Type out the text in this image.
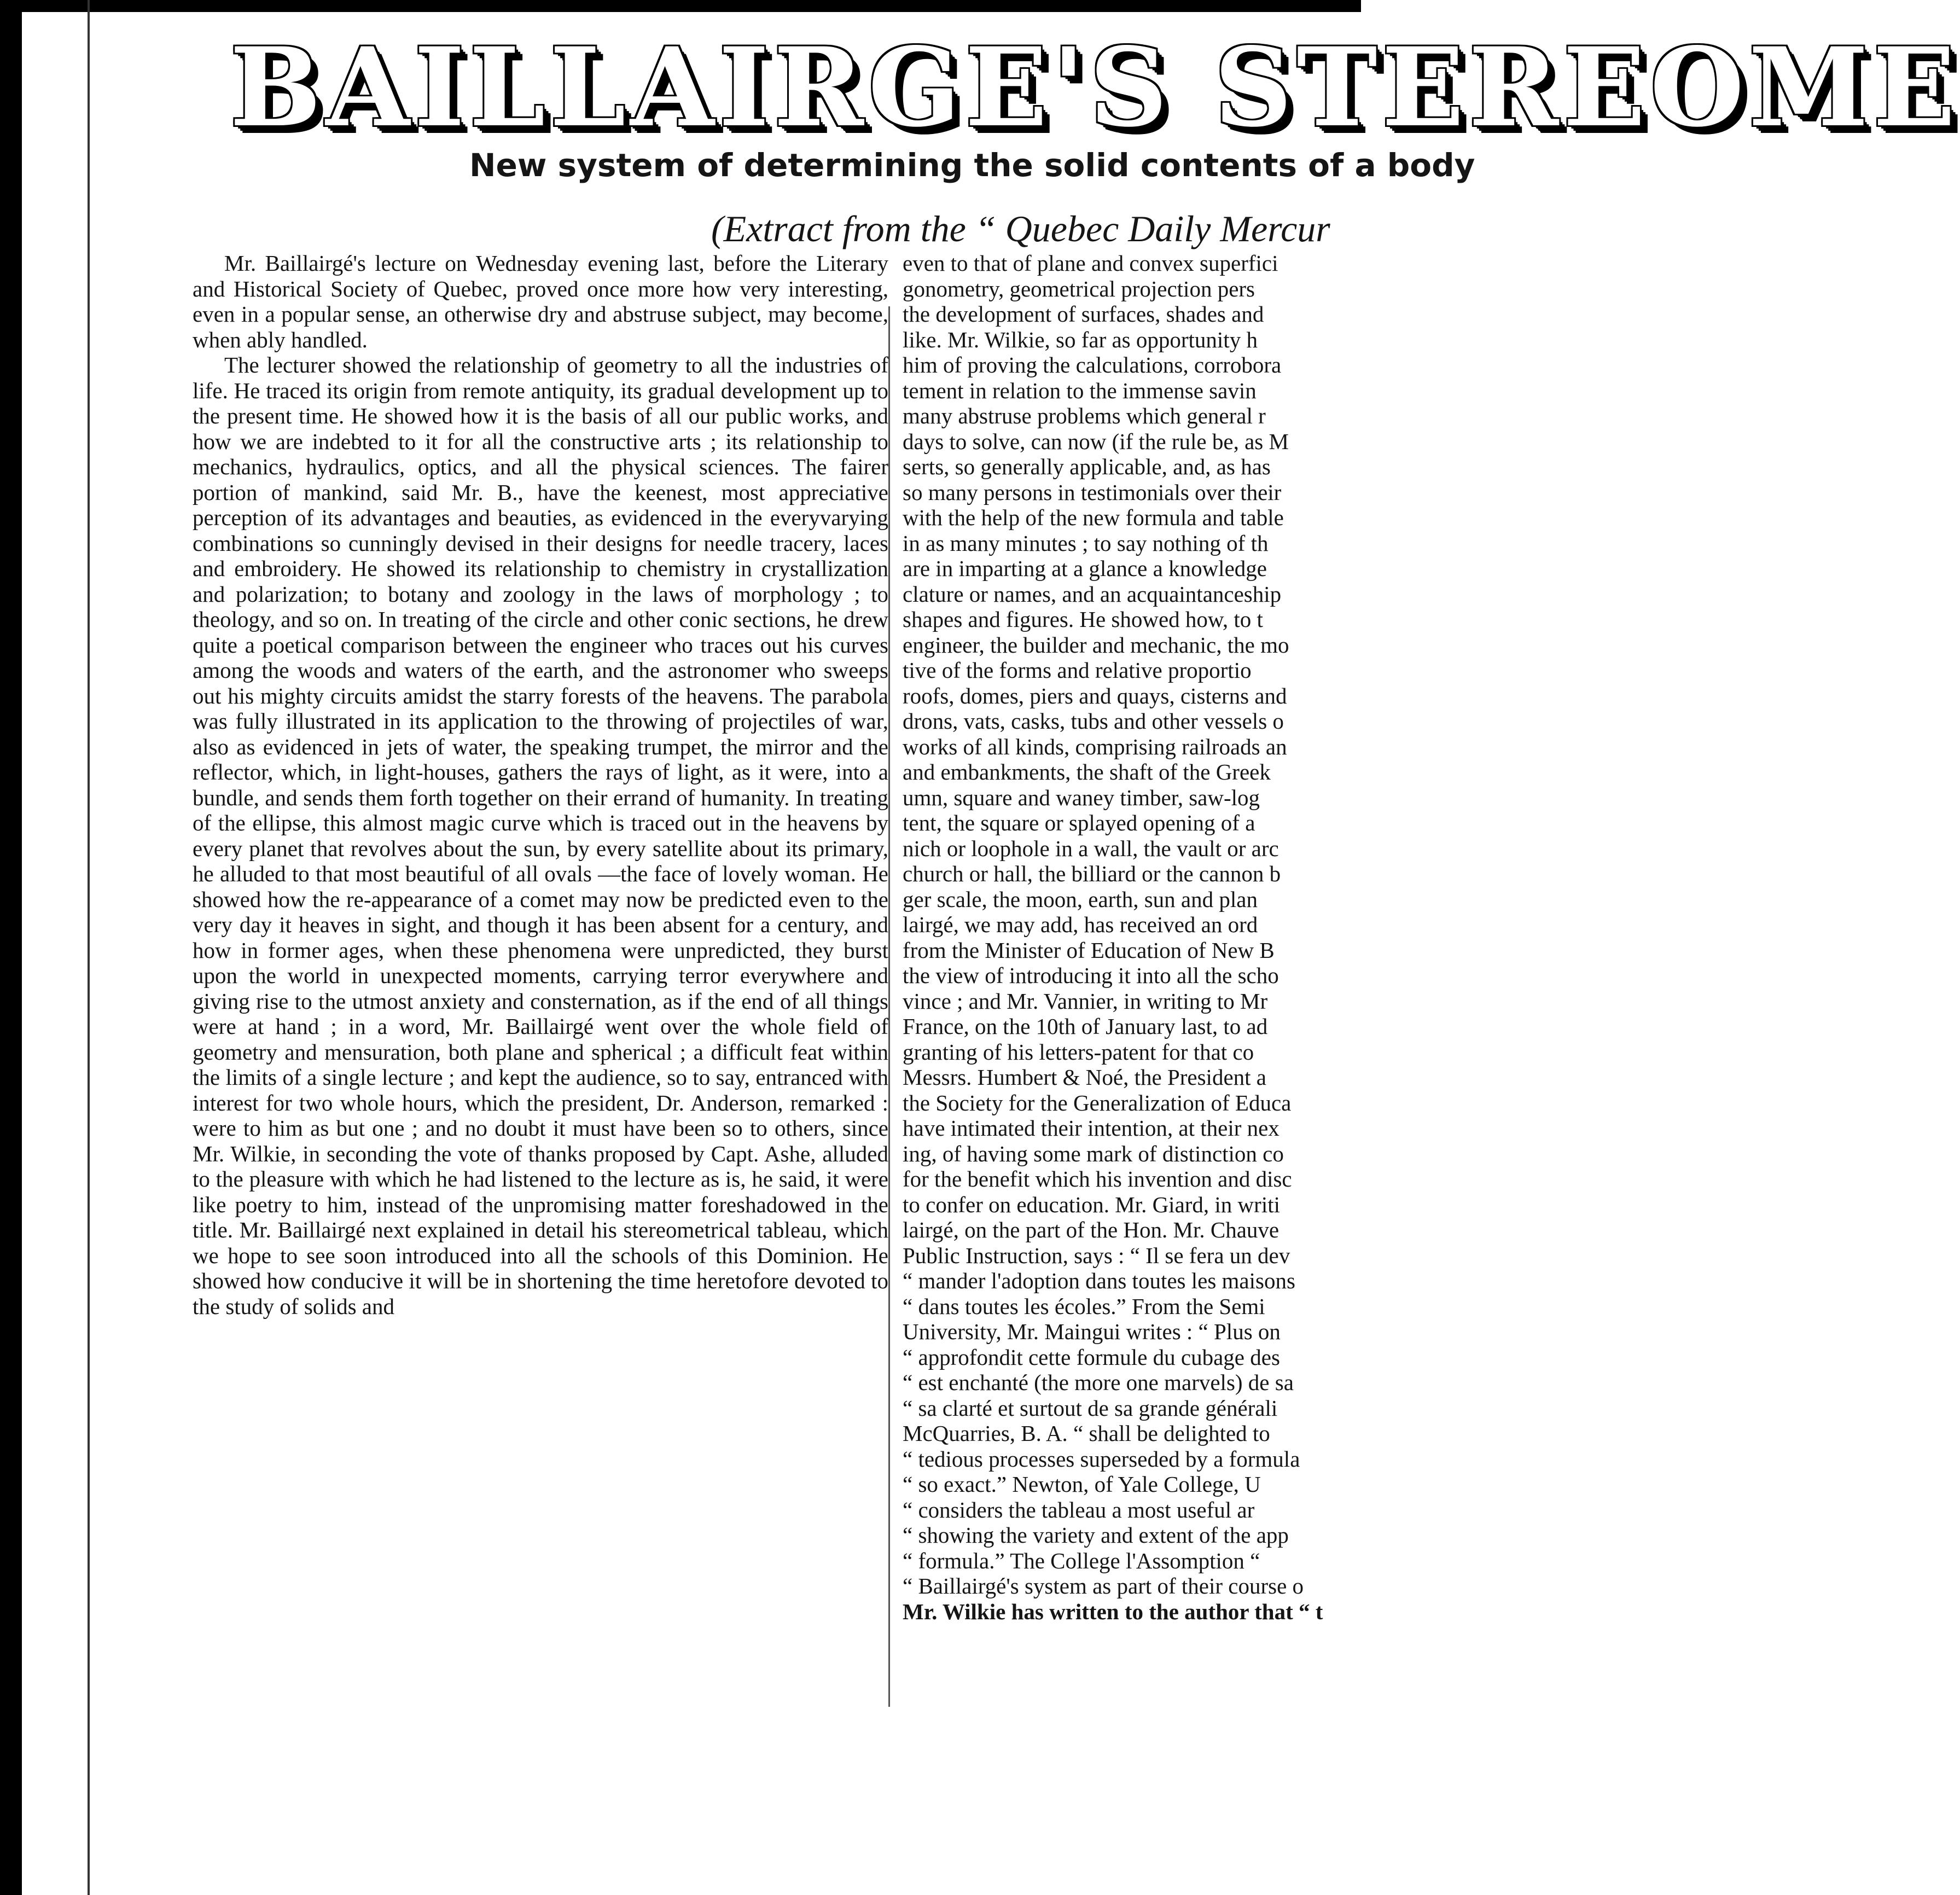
BAILLAIRGE'S STEREOME
New system of determining the solid contents of a body
(Extract from the “ Quebec Daily Mercur

Mr. Baillairgé's lecture on Wednesday evening last, before the Literary and Historical Society of Quebec, proved once more how very interesting, even in a popular sense, an otherwise dry and abstruse subject, may become, when ably handled.

The lecturer showed the relationship of geometry to all the industries of life. He traced its origin from remote antiquity, its gradual development up to the present time. He showed how it is the basis of all our public works, and how we are indebted to it for all the constructive arts ; its relationship to mechanics, hydraulics, optics, and all the physical sciences. The fairer portion of mankind, said Mr. B., have the keenest, most appreciative perception of its advantages and beauties, as evidenced in the everyvarying combinations so cunningly devised in their designs for needle tracery, laces and embroidery. He showed its relationship to chemistry in crystallization and polarization; to botany and zoology in the laws of morphology ; to theology, and so on. In treating of the circle and other conic sections, he drew quite a poetical comparison between the engineer who traces out his curves among the woods and waters of the earth, and the astronomer who sweeps out his mighty circuits amidst the starry forests of the heavens. The parabola was fully illustrated in its application to the throwing of projectiles of war, also as evidenced in jets of water, the speaking trumpet, the mirror and the reflector, which, in light-houses, gathers the rays of light, as it were, into a bundle, and sends them forth together on their errand of humanity. In treating of the ellipse, this almost magic curve which is traced out in the heavens by every planet that revolves about the sun, by every satellite about its primary, he alluded to that most beautiful of all ovals —the face of lovely woman. He showed how the re-appearance of a comet may now be predicted even to the very day it heaves in sight, and though it has been absent for a century, and how in former ages, when these phenomena were unpredicted, they burst upon the world in unexpected moments, carrying terror everywhere and giving rise to the utmost anxiety and consternation, as if the end of all things were at hand ; in a word, Mr. Baillairgé went over the whole field of geometry and mensuration, both plane and spherical ; a difficult feat within the limits of a single lecture ; and kept the audience, so to say, entranced with interest for two whole hours, which the president, Dr. Anderson, remarked : were to him as but one ; and no doubt it must have been so to others, since Mr. Wilkie, in seconding the vote of thanks proposed by Capt. Ashe, alluded to the pleasure with which he had listened to the lecture as is, he said, it were like poetry to him, instead of the unpromising matter foreshadowed in the title. Mr. Baillairgé next explained in detail his stereometrical tableau, which we hope to see soon introduced into all the schools of this Dominion. He showed how conducive it will be in shortening the time heretofore devoted to the study of solids and

even to that of plane and convex superfici
gonometry, geometrical projection pers
the development of surfaces, shades and
like. Mr. Wilkie, so far as opportunity h
him of proving the calculations, corrobora
tement in relation to the immense savin
many abstruse problems which general r
days to solve, can now (if the rule be, as M
serts, so generally applicable, and, as has
so many persons in testimonials over their
with the help of the new formula and table
in as many minutes ; to say nothing of th
are in imparting at a glance a knowledge
clature or names, and an acquaintanceship
shapes and figures. He showed how, to t
engineer, the builder and mechanic, the mo
tive of the forms and relative proportio
roofs, domes, piers and quays, cisterns and
drons, vats, casks, tubs and other vessels o
works of all kinds, comprising railroads an
and embankments, the shaft of the Greek
umn, square and waney timber, saw-log
tent, the square or splayed opening of a
nich or loophole in a wall, the vault or arc
church or hall, the billiard or the cannon b
ger scale, the moon, earth, sun and plan
lairgé, we may add, has received an ord
from the Minister of Education of New B
the view of introducing it into all the scho
vince ; and Mr. Vannier, in writing to Mr
France, on the 10th of January last, to ad
granting of his letters-patent for that co
Messrs. Humbert & Noé, the President a
the Society for the Generalization of Educa
have intimated their intention, at their nex
ing, of having some mark of distinction co
for the benefit which his invention and disc
to confer on education. Mr. Giard, in writi
lairgé, on the part of the Hon. Mr. Chauve
Public Instruction, says : “ Il se fera un dev
“ mander l'adoption dans toutes les maisons
“ dans toutes les écoles.” From the Semi
University, Mr. Maingui writes : “ Plus on
“ approfondit cette formule du cubage des
“ est enchanté (the more one marvels) de sa
“ sa clarté et surtout de sa grande générali
McQuarries, B. A. “ shall be delighted to
“ tedious processes superseded by a formula
“ so exact.” Newton, of Yale College, U
“ considers the tableau a most useful ar
“ showing the variety and extent of the app
“ formula.” The College l'Assomption “
“ Baillairgé's system as part of their course o
Mr. Wilkie has written to the author that “ t
